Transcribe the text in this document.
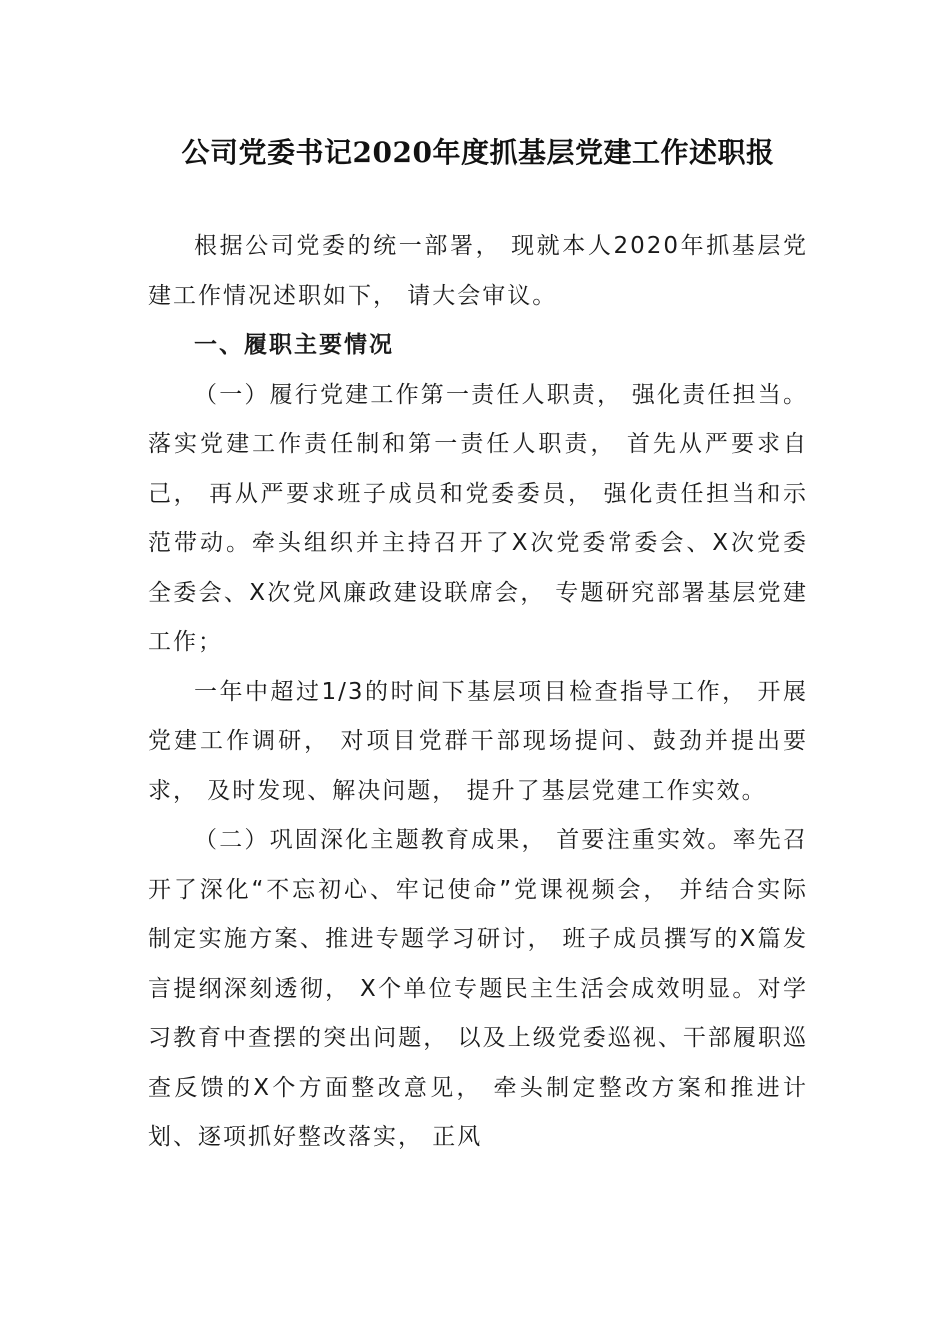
公司党委书记2020年度抓基层党建工作述职报

根据公司党委的统一部署， 现就本人2020年抓基层党建工作情况述职如下， 请大会审议。

一、履职主要情况

（一）履行党建工作第一责任人职责， 强化责任担当。落实党建工作责任制和第一责任人职责， 首先从严要求自己， 再从严要求班子成员和党委委员， 强化责任担当和示范带动。牵头组织并主持召开了X次党委常委会、X次党委全委会、X次党风廉政建设联席会， 专题研究部署基层党建工作；

一年中超过1/3的时间下基层项目检查指导工作， 开展党建工作调研， 对项目党群干部现场提问、鼓劲并提出要求， 及时发现、解决问题， 提升了基层党建工作实效。

（二）巩固深化主题教育成果， 首要注重实效。率先召开了深化“不忘初心、牢记使命”党课视频会， 并结合实际制定实施方案、推进专题学习研讨， 班子成员撰写的X篇发言提纲深刻透彻， X个单位专题民主生活会成效明显。对学习教育中查摆的突出问题， 以及上级党委巡视、干部履职巡查反馈的X个方面整改意见， 牵头制定整改方案和推进计划、逐项抓好整改落实， 正风
